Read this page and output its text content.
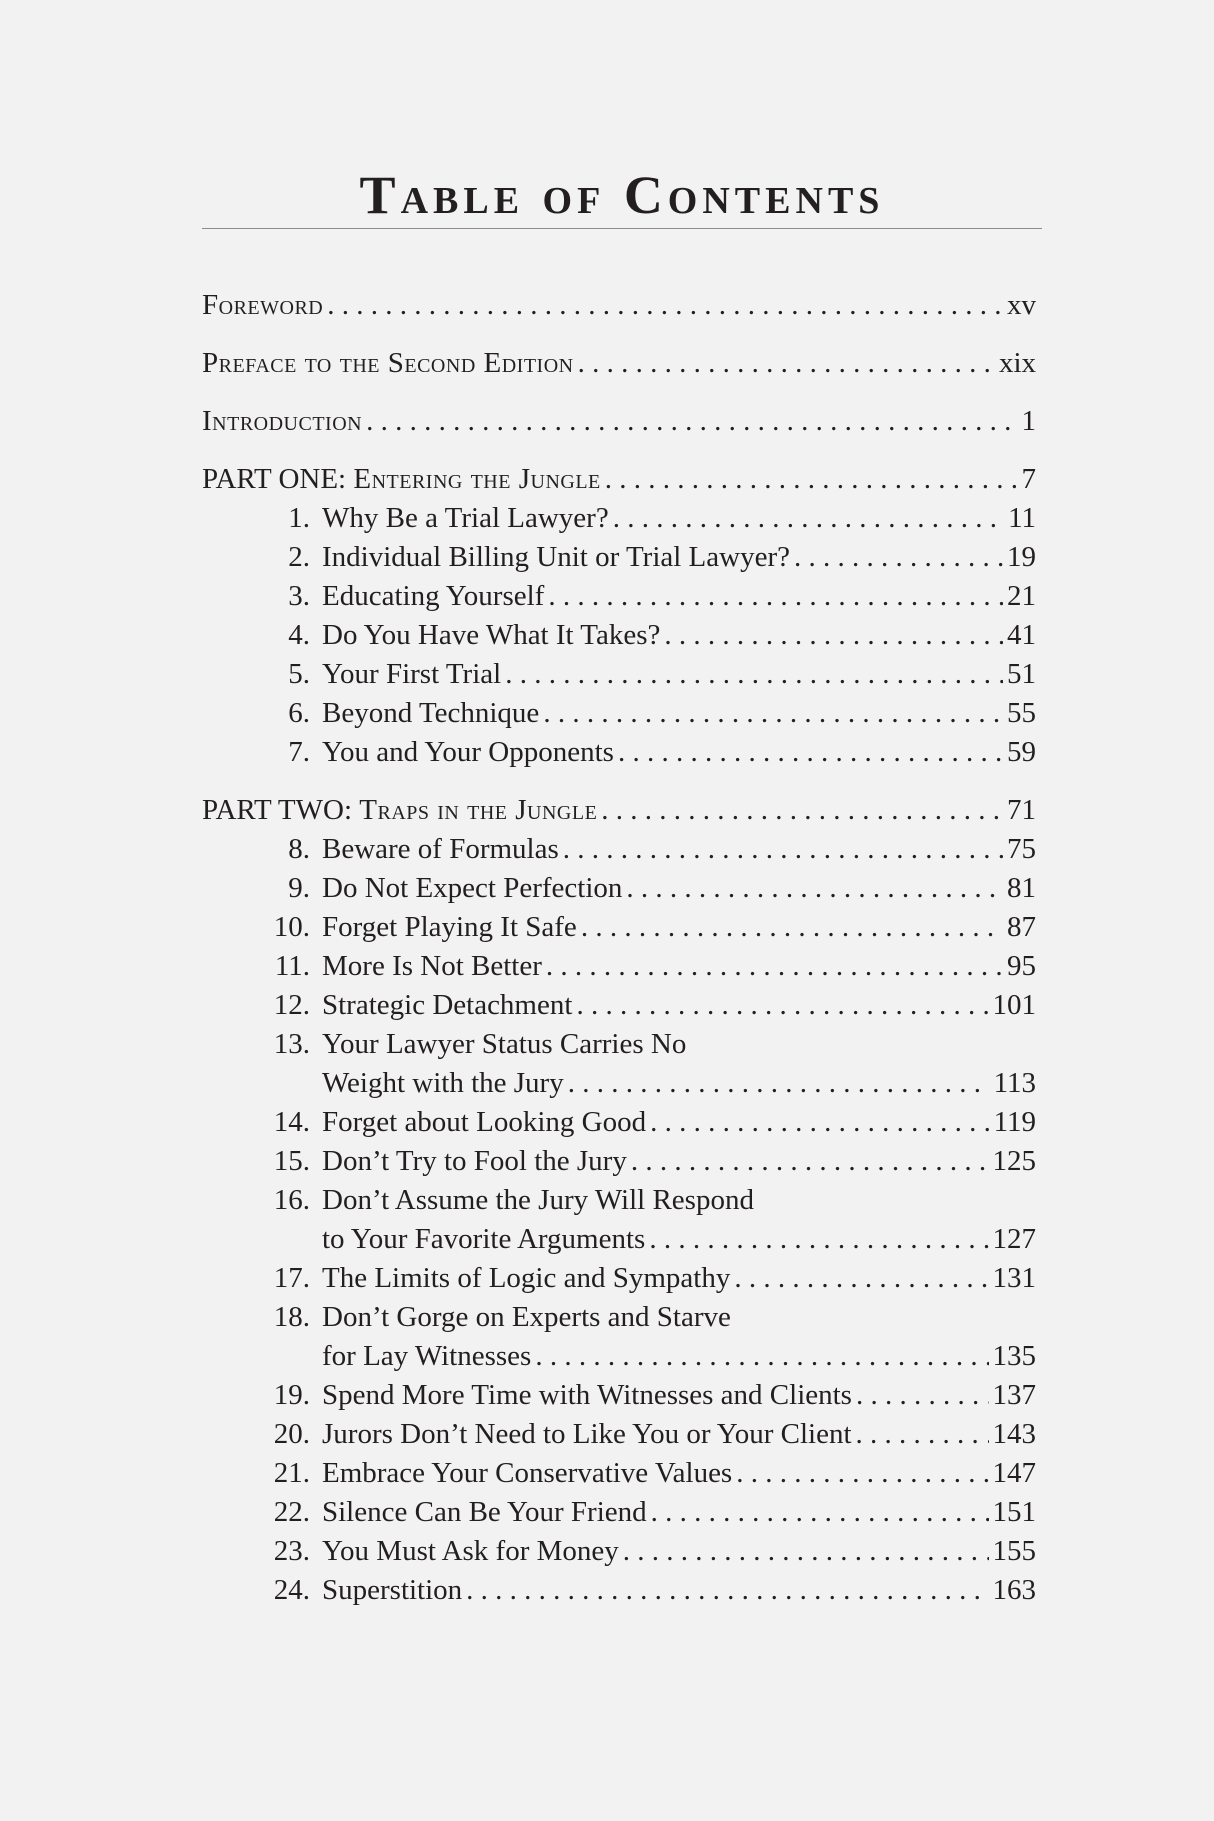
Table of Contents
Foreword . . .	xv
Preface to the Second Edition . . .	xix
Introduction . . .	1
PART ONE: Entering the Jungle . . .	7
1. Why Be a Trial Lawyer? . . .	11
2. Individual Billing Unit or Trial Lawyer? . . .	19
3. Educating Yourself . . .	21
4. Do You Have What It Takes? . . .	41
5. Your First Trial . . .	51
6. Beyond Technique . . .	55
7. You and Your Opponents . . .	59
PART TWO: Traps in the Jungle . . .	71
8. Beware of Formulas . . .	75
9. Do Not Expect Perfection . . .	81
10. Forget Playing It Safe . . .	87
11. More Is Not Better . . .	95
12. Strategic Detachment . . .	101
13. Your Lawyer Status Carries No
Weight with the Jury . . .	113
14. Forget about Looking Good . . .	119
15. Don’t Try to Fool the Jury . . .	125
16. Don’t Assume the Jury Will Respond
to Your Favorite Arguments . . .	127
17. The Limits of Logic and Sympathy . . .	131
18. Don’t Gorge on Experts and Starve
for Lay Witnesses . . .	135
19. Spend More Time with Witnesses and Clients . . .	137
20. Jurors Don’t Need to Like You or Your Client . . .	143
21. Embrace Your Conservative Values . . .	147
22. Silence Can Be Your Friend . . .	151
23. You Must Ask for Money . . .	155
24. Superstition . . .	163
